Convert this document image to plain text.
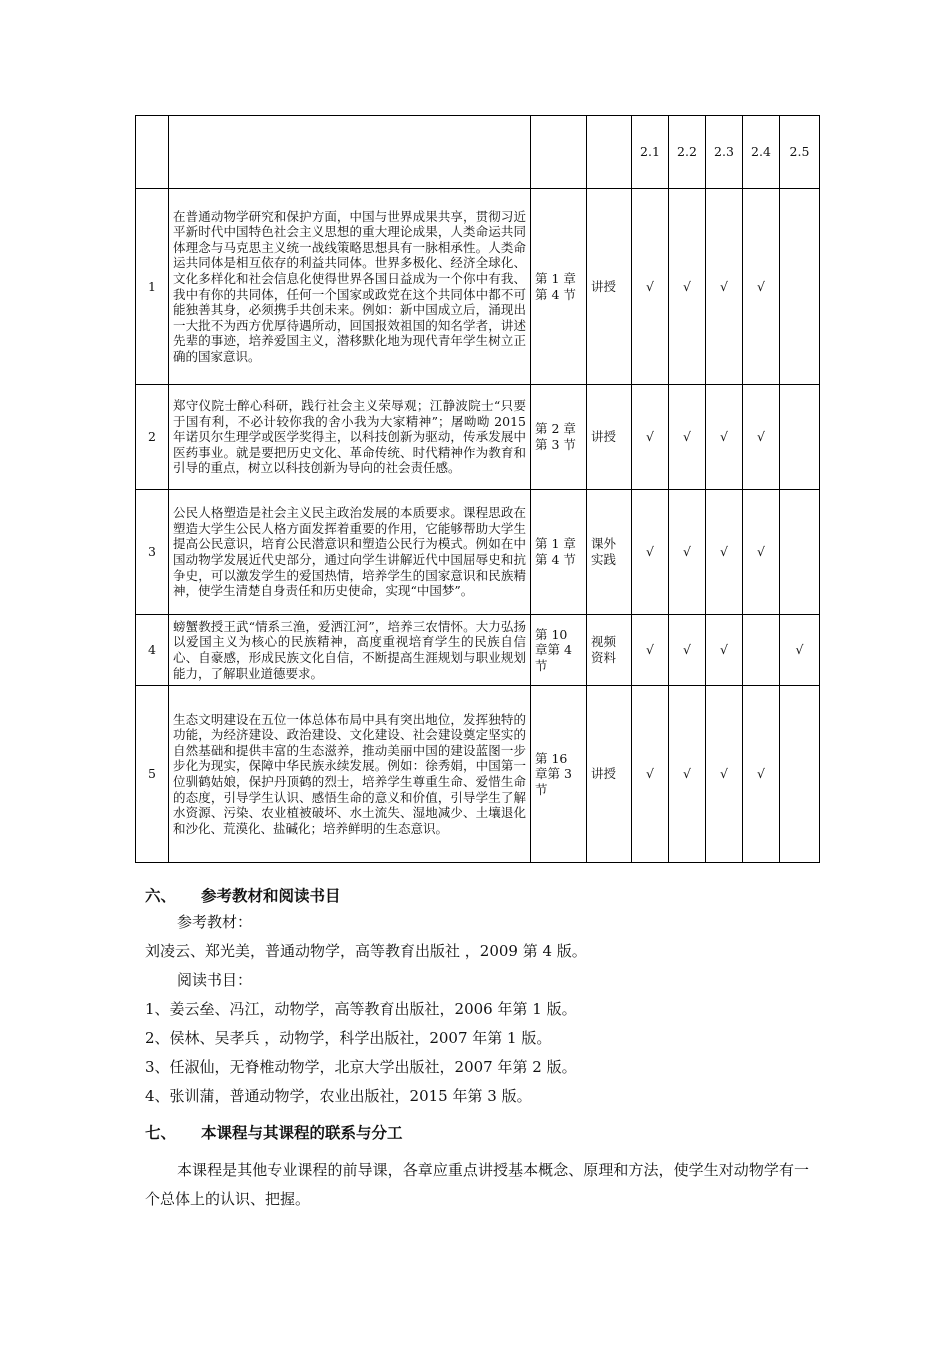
				2.1	2.2	2.3	2.4	2.5
1	在普通动物学研究和保护方面，中国与世界成果共享，贯彻习近平新时代中国特色社会主义思想的重大理论成果，人类命运共同体理念与马克思主义统一战线策略思想具有一脉相承性。人类命运共同体是相互依存的利益共同体。世界多极化、经济全球化、文化多样化和社会信息化使得世界各国日益成为一个你中有我、我中有你的共同体，任何一个国家或政党在这个共同体中都不可能独善其身，必须携手共创未来。例如：新中国成立后，涌现出一大批不为西方优厚待遇所动，回国报效祖国的知名学者，讲述先辈的事迹，培养爱国主义，潜移默化地为现代青年学生树立正确的国家意识。	第 1 章第 4 节	讲授	√	√	√	√	
2	郑守仪院士醉心科研，践行社会主义荣辱观；江静波院士“只要于国有利，不必计较你我的舍小我为大家精神”；屠呦呦 2015 年诺贝尔生理学或医学奖得主，以科技创新为驱动，传承发展中医药事业。就是要把历史文化、革命传统、时代精神作为教育和引导的重点，树立以科技创新为导向的社会责任感。	第 2 章第 3 节	讲授	√	√	√	√	
3	公民人格塑造是社会主义民主政治发展的本质要求。课程思政在塑造大学生公民人格方面发挥着重要的作用，它能够帮助大学生提高公民意识，培育公民潜意识和塑造公民行为模式。例如在中国动物学发展近代史部分，通过向学生讲解近代中国屈辱史和抗争史，可以激发学生的爱国热情，培养学生的国家意识和民族精神，使学生清楚自身责任和历史使命，实现“中国梦”。	第 1 章第 4 节	课外实践	√	√	√	√	
4	螃蟹教授王武“情系三渔，爱洒江河”，培养三农情怀。大力弘扬以爱国主义为核心的民族精神，高度重视培育学生的民族自信心、自豪感，形成民族文化自信，不断提高生涯规划与职业规划能力，了解职业道德要求。	第 10 章第 4 节	视频资料	√	√	√		√
5	生态文明建设在五位一体总体布局中具有突出地位，发挥独特的功能，为经济建设、政治建设、文化建设、社会建设奠定坚实的自然基础和提供丰富的生态滋养，推动美丽中国的建设蓝图一步步化为现实，保障中华民族永续发展。例如：徐秀娟，中国第一位驯鹤姑娘，保护丹顶鹤的烈士，培养学生尊重生命、爱惜生命的态度，引导学生认识、感悟生命的意义和价值，引导学生了解水资源、污染、农业植被破坏、水土流失、湿地减少、土壤退化和沙化、荒漠化、盐碱化；培养鲜明的生态意识。	第 16 章第 3 节	讲授	√	√	√	√	
六、 参考教材和阅读书目
参考教材：
刘凌云、郑光美，普通动物学，高等教育出版社 ，2009 第 4 版。
阅读书目：
1、姜云垒、冯江，动物学，高等教育出版社，2006 年第 1 版。
2、侯林、吴孝兵 ，动物学，科学出版社，2007 年第 1 版。
3、任淑仙，无脊椎动物学，北京大学出版社，2007 年第 2 版。
4、张训蒲，普通动物学，农业出版社，2015 年第 3 版。
七、 本课程与其课程的联系与分工
本课程是其他专业课程的前导课，各章应重点讲授基本概念、原理和方法，使学生对动物学有一个总体上的认识、把握。
